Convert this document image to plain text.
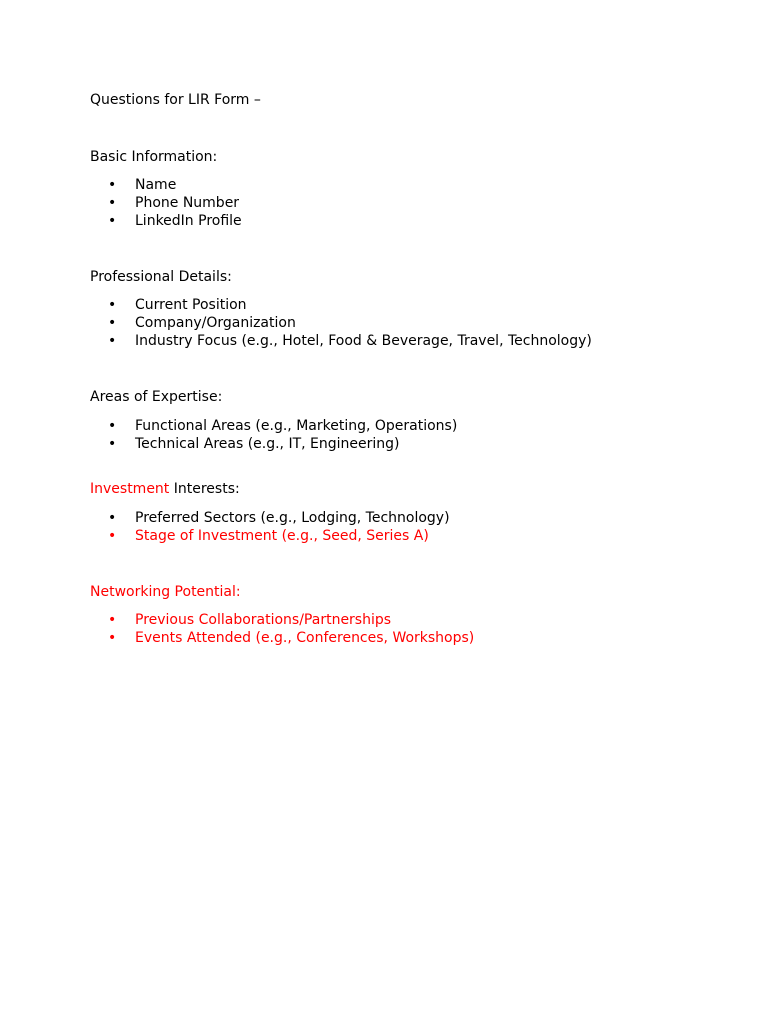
Questions for LIR Form –
Basic Information:
• Name
• Phone Number
• LinkedIn Profile
Professional Details:
• Current Position
• Company/Organization
• Industry Focus (e.g., Hotel, Food & Beverage, Travel, Technology)
Areas of Expertise:
• Functional Areas (e.g., Marketing, Operations)
• Technical Areas (e.g., IT, Engineering)
Investment Interests:
• Preferred Sectors (e.g., Lodging, Technology)
• Stage of Investment (e.g., Seed, Series A)
Networking Potential:
• Previous Collaborations/Partnerships
• Events Attended (e.g., Conferences, Workshops)
